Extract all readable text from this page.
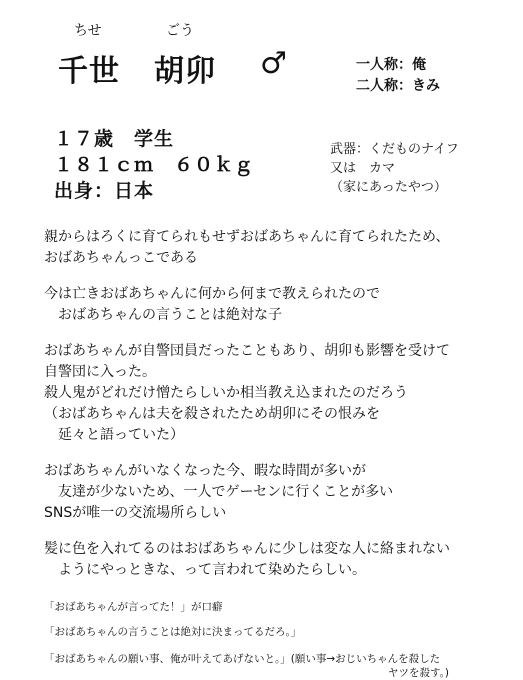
ちせ	ごう
千世 胡卯 ♂	一人称：俺
二人称：きみ
１７歳　学生
１８１ｃｍ　６０ｋｇ
出身：日本
武器：くだものナイフ
又は　カマ
（家にあったやつ）
親からはろくに育てられもせずおばあちゃんに育てられたため、
おばあちゃんっこである
今は亡きおばあちゃんに何から何まで教えられたので
　おばあちゃんの言うことは絶対な子
おばあちゃんが自警団員だったこともあり、胡卯も影響を受けて
自警団に入った。
殺人鬼がどれだけ憎たらしいか相当教え込まれたのだろう
（おばあちゃんは夫を殺されたため胡卯にその恨みを
　延々と語っていた）
おばあちゃんがいなくなった今、暇な時間が多いが
　友達が少ないため、一人でゲーセンに行くことが多い
SNSが唯一の交流場所らしい
髪に色を入れてるのはおばあちゃんに少しは変な人に絡まれない
　ようにやっときな、って言われて染めたらしい。
「おばあちゃんが言ってた！」が口癖
「おばあちゃんの言うことは絶対に決まってるだろ。」
「おばあちゃんの願い事、俺が叶えてあげないと。」(願い事→おじいちゃんを殺した
ヤツを殺す。)
